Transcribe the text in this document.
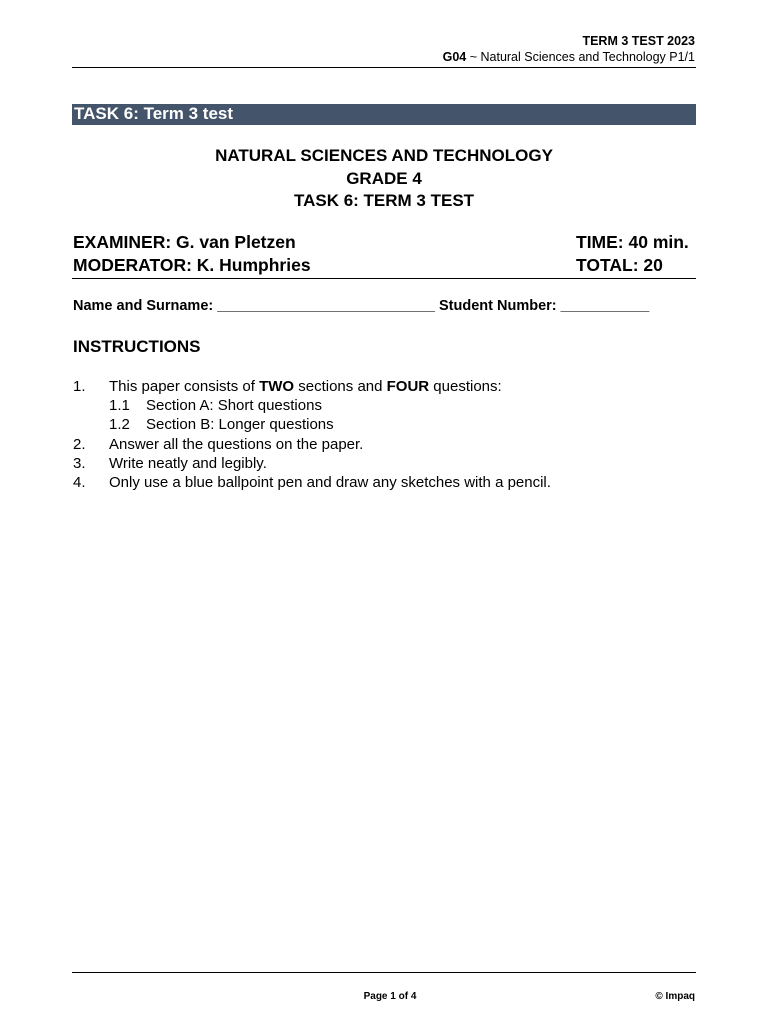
TERM 3 TEST 2023
G04 ~ Natural Sciences and Technology P1/1
TASK 6: Term 3 test
NATURAL SCIENCES AND TECHNOLOGY
GRADE 4
TASK 6: TERM 3 TEST
EXAMINER: G. van Pletzen
MODERATOR: K. Humphries
TIME: 40 min.
TOTAL: 20
Name and Surname: ___________________________ Student Number: ___________
INSTRUCTIONS
1. This paper consists of TWO sections and FOUR questions:
1.1 Section A: Short questions
1.2 Section B: Longer questions
2. Answer all the questions on the paper.
3. Write neatly and legibly.
4. Only use a blue ballpoint pen and draw any sketches with a pencil.
Page 1 of 4	© Impaq
